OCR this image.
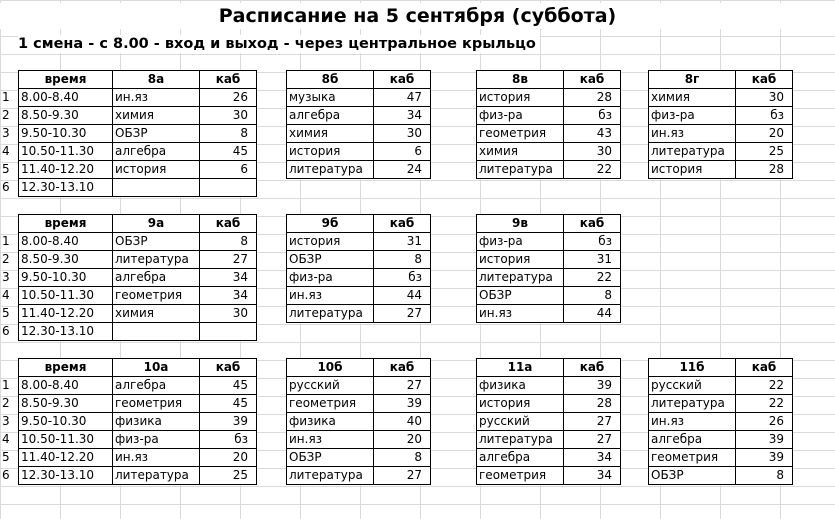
Расписание на 5 сентября (суббота)
1 смена - с 8.00 - вход и выход - через центральное крыльцо
1
2
3
4
5
6
время	8а	каб
8.00-8.40	ин.яз	26
8.50-9.30	химия	30
9.50-10.30	ОБЗР	8
10.50-11.30	алгебра	45
11.40-12.20	история	6
12.30-13.10		
8б	каб
музыка	47
алгебра	34
химия	30
история	6
литература	24
8в	каб
история	28
физ-ра	бз
геометрия	43
химия	30
литература	22
8г	каб
химия	30
физ-ра	бз
ин.яз	20
литература	25
история	28
1
2
3
4
5
6
время	9а	каб
8.00-8.40	ОБЗР	8
8.50-9.30	литература	27
9.50-10.30	алгебра	34
10.50-11.30	геометрия	34
11.40-12.20	химия	30
12.30-13.10		
9б	каб
история	31
ОБЗР	8
физ-ра	бз
ин.яз	44
литература	27
9в	каб
физ-ра	бз
история	31
литература	22
ОБЗР	8
ин.яз	44
1
2
3
4
5
6
время	10а	каб
8.00-8.40	алгебра	45
8.50-9.30	геометрия	45
9.50-10.30	физика	39
10.50-11.30	физ-ра	бз
11.40-12.20	ин.яз	20
12.30-13.10	литература	25
10б	каб
русский	27
геометрия	39
физика	40
ин.яз	20
ОБЗР	8
литература	27
11а	каб
физика	39
история	28
русский	27
литература	27
алгебра	34
геометрия	34
11б	каб
русский	22
литература	22
ин.яз	26
алгебра	39
геометрия	39
ОБЗР	8
